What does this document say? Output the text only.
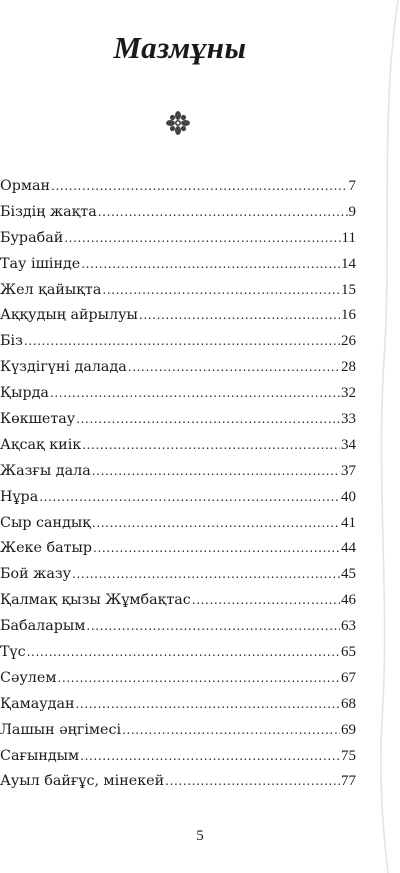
Мазмұны
Орман .....	7
Біздің жақта .....	9
Бурабай .....	11
Тау ішінде .....	14
Жел қайықта .....	15
Аққудың айрылуы .....	16
Біз .....	26
Күздігүні далада .....	28
Қырда .....	32
Көкшетау .....	33
Ақсақ киік .....	34
Жазғы дала .....	37
Нұра .....	40
Сыр сандық .....	41
Жеке батыр .....	44
Бой жазу .....	45
Қалмақ қызы Жұмбақтас .....	46
Бабаларым .....	63
Түс .....	65
Сәулем .....	67
Қамаудан .....	68
Лашын әңгімесі .....	69
Сағындым .....	75
Ауыл байғұс, мінекей .....	77
5
